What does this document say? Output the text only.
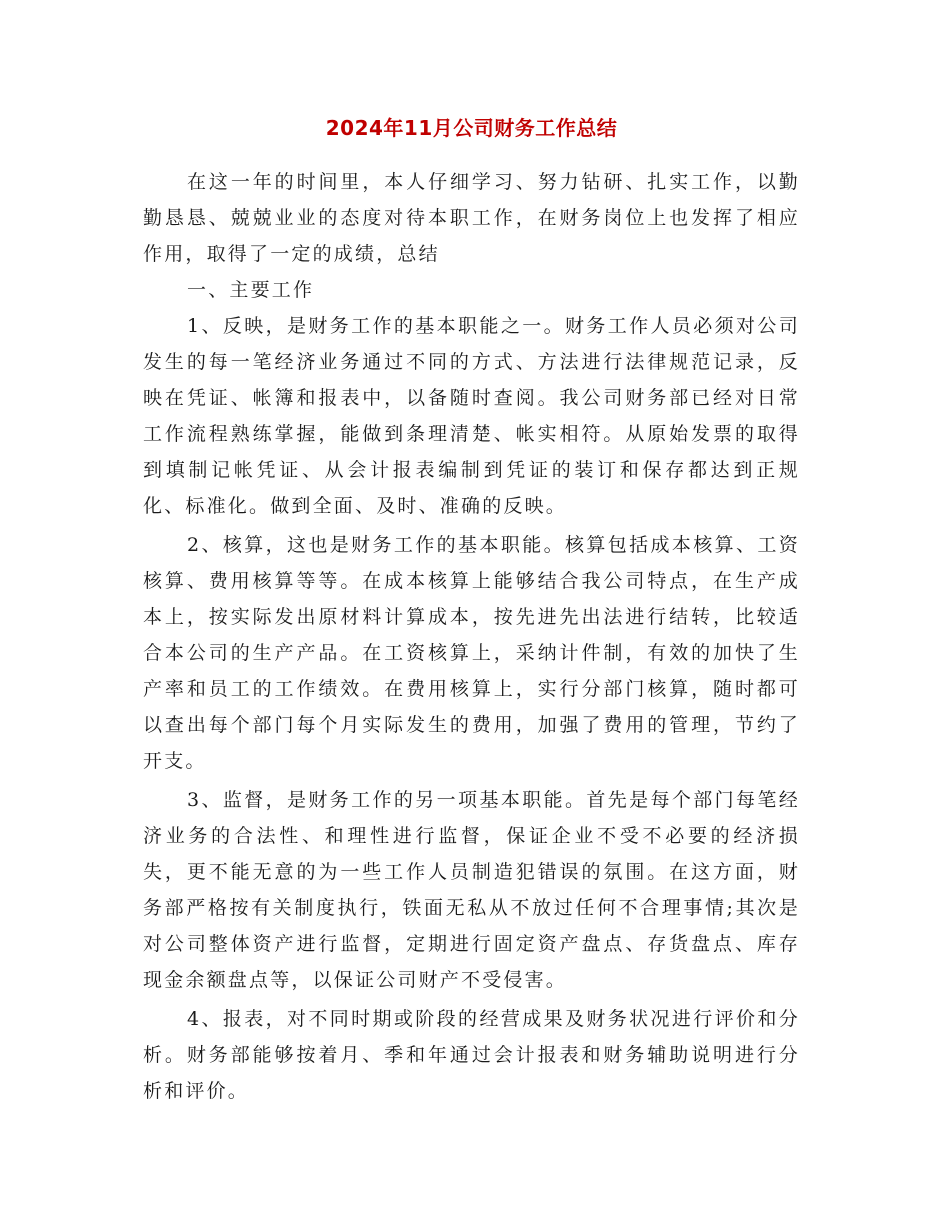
2024年11月公司财务工作总结

在这一年的时间里，本人仔细学习、努力钻研、扎实工作，以勤勤恳恳、兢兢业业的态度对待本职工作，在财务岗位上也发挥了相应作用，取得了一定的成绩，总结

一、主要工作

1、反映，是财务工作的基本职能之一。财务工作人员必须对公司发生的每一笔经济业务通过不同的方式、方法进行法律规范记录，反映在凭证、帐簿和报表中，以备随时查阅。我公司财务部已经对日常工作流程熟练掌握，能做到条理清楚、帐实相符。从原始发票的取得到填制记帐凭证、从会计报表编制到凭证的装订和保存都达到正规化、标准化。做到全面、及时、准确的反映。

2、核算，这也是财务工作的基本职能。核算包括成本核算、工资核算、费用核算等等。在成本核算上能够结合我公司特点，在生产成本上，按实际发出原材料计算成本，按先进先出法进行结转，比较适合本公司的生产产品。在工资核算上，采纳计件制，有效的加快了生产率和员工的工作绩效。在费用核算上，实行分部门核算，随时都可以查出每个部门每个月实际发生的费用，加强了费用的管理，节约了开支。

3、监督，是财务工作的另一项基本职能。首先是每个部门每笔经济业务的合法性、和理性进行监督，保证企业不受不必要的经济损失，更不能无意的为一些工作人员制造犯错误的氛围。在这方面，财务部严格按有关制度执行，铁面无私从不放过任何不合理事情;其次是对公司整体资产进行监督，定期进行固定资产盘点、存货盘点、库存现金余额盘点等，以保证公司财产不受侵害。

4、报表，对不同时期或阶段的经营成果及财务状况进行评价和分析。财务部能够按着月、季和年通过会计报表和财务辅助说明进行分析和评价。
